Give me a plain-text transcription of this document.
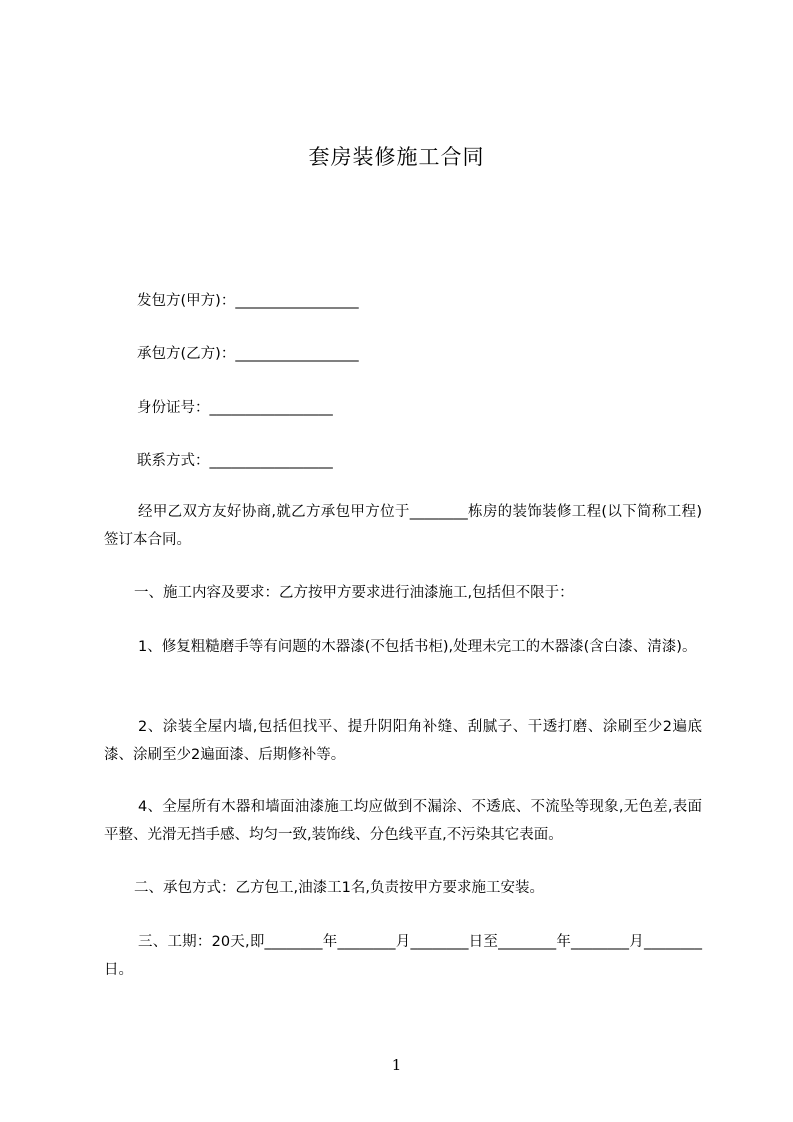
套房装修施工合同
发包方(甲方)：_________________
承包方(乙方)：_________________
身份证号：_________________
联系方式：_________________
经甲乙双方友好协商,就乙方承包甲方位于________栋房的装饰装修工程(以下简称工程)签订本合同。
一、施工内容及要求：乙方按甲方要求进行油漆施工,包括但不限于：
1、修复粗糙磨手等有问题的木器漆(不包括书柜),处理未完工的木器漆(含白漆、清漆)。
2、涂装全屋内墙,包括但找平、提升阴阳角补缝、刮腻子、干透打磨、涂刷至少2遍底漆、涂刷至少2遍面漆、后期修补等。
4、全屋所有木器和墙面油漆施工均应做到不漏涂、不透底、不流坠等现象,无色差,表面平整、光滑无挡手感、均匀一致,装饰线、分色线平直,不污染其它表面。
二、承包方式：乙方包工,油漆工1名,负责按甲方要求施工安装。
三、工期：20天,即________年________月________日至________年________月________日。
1
